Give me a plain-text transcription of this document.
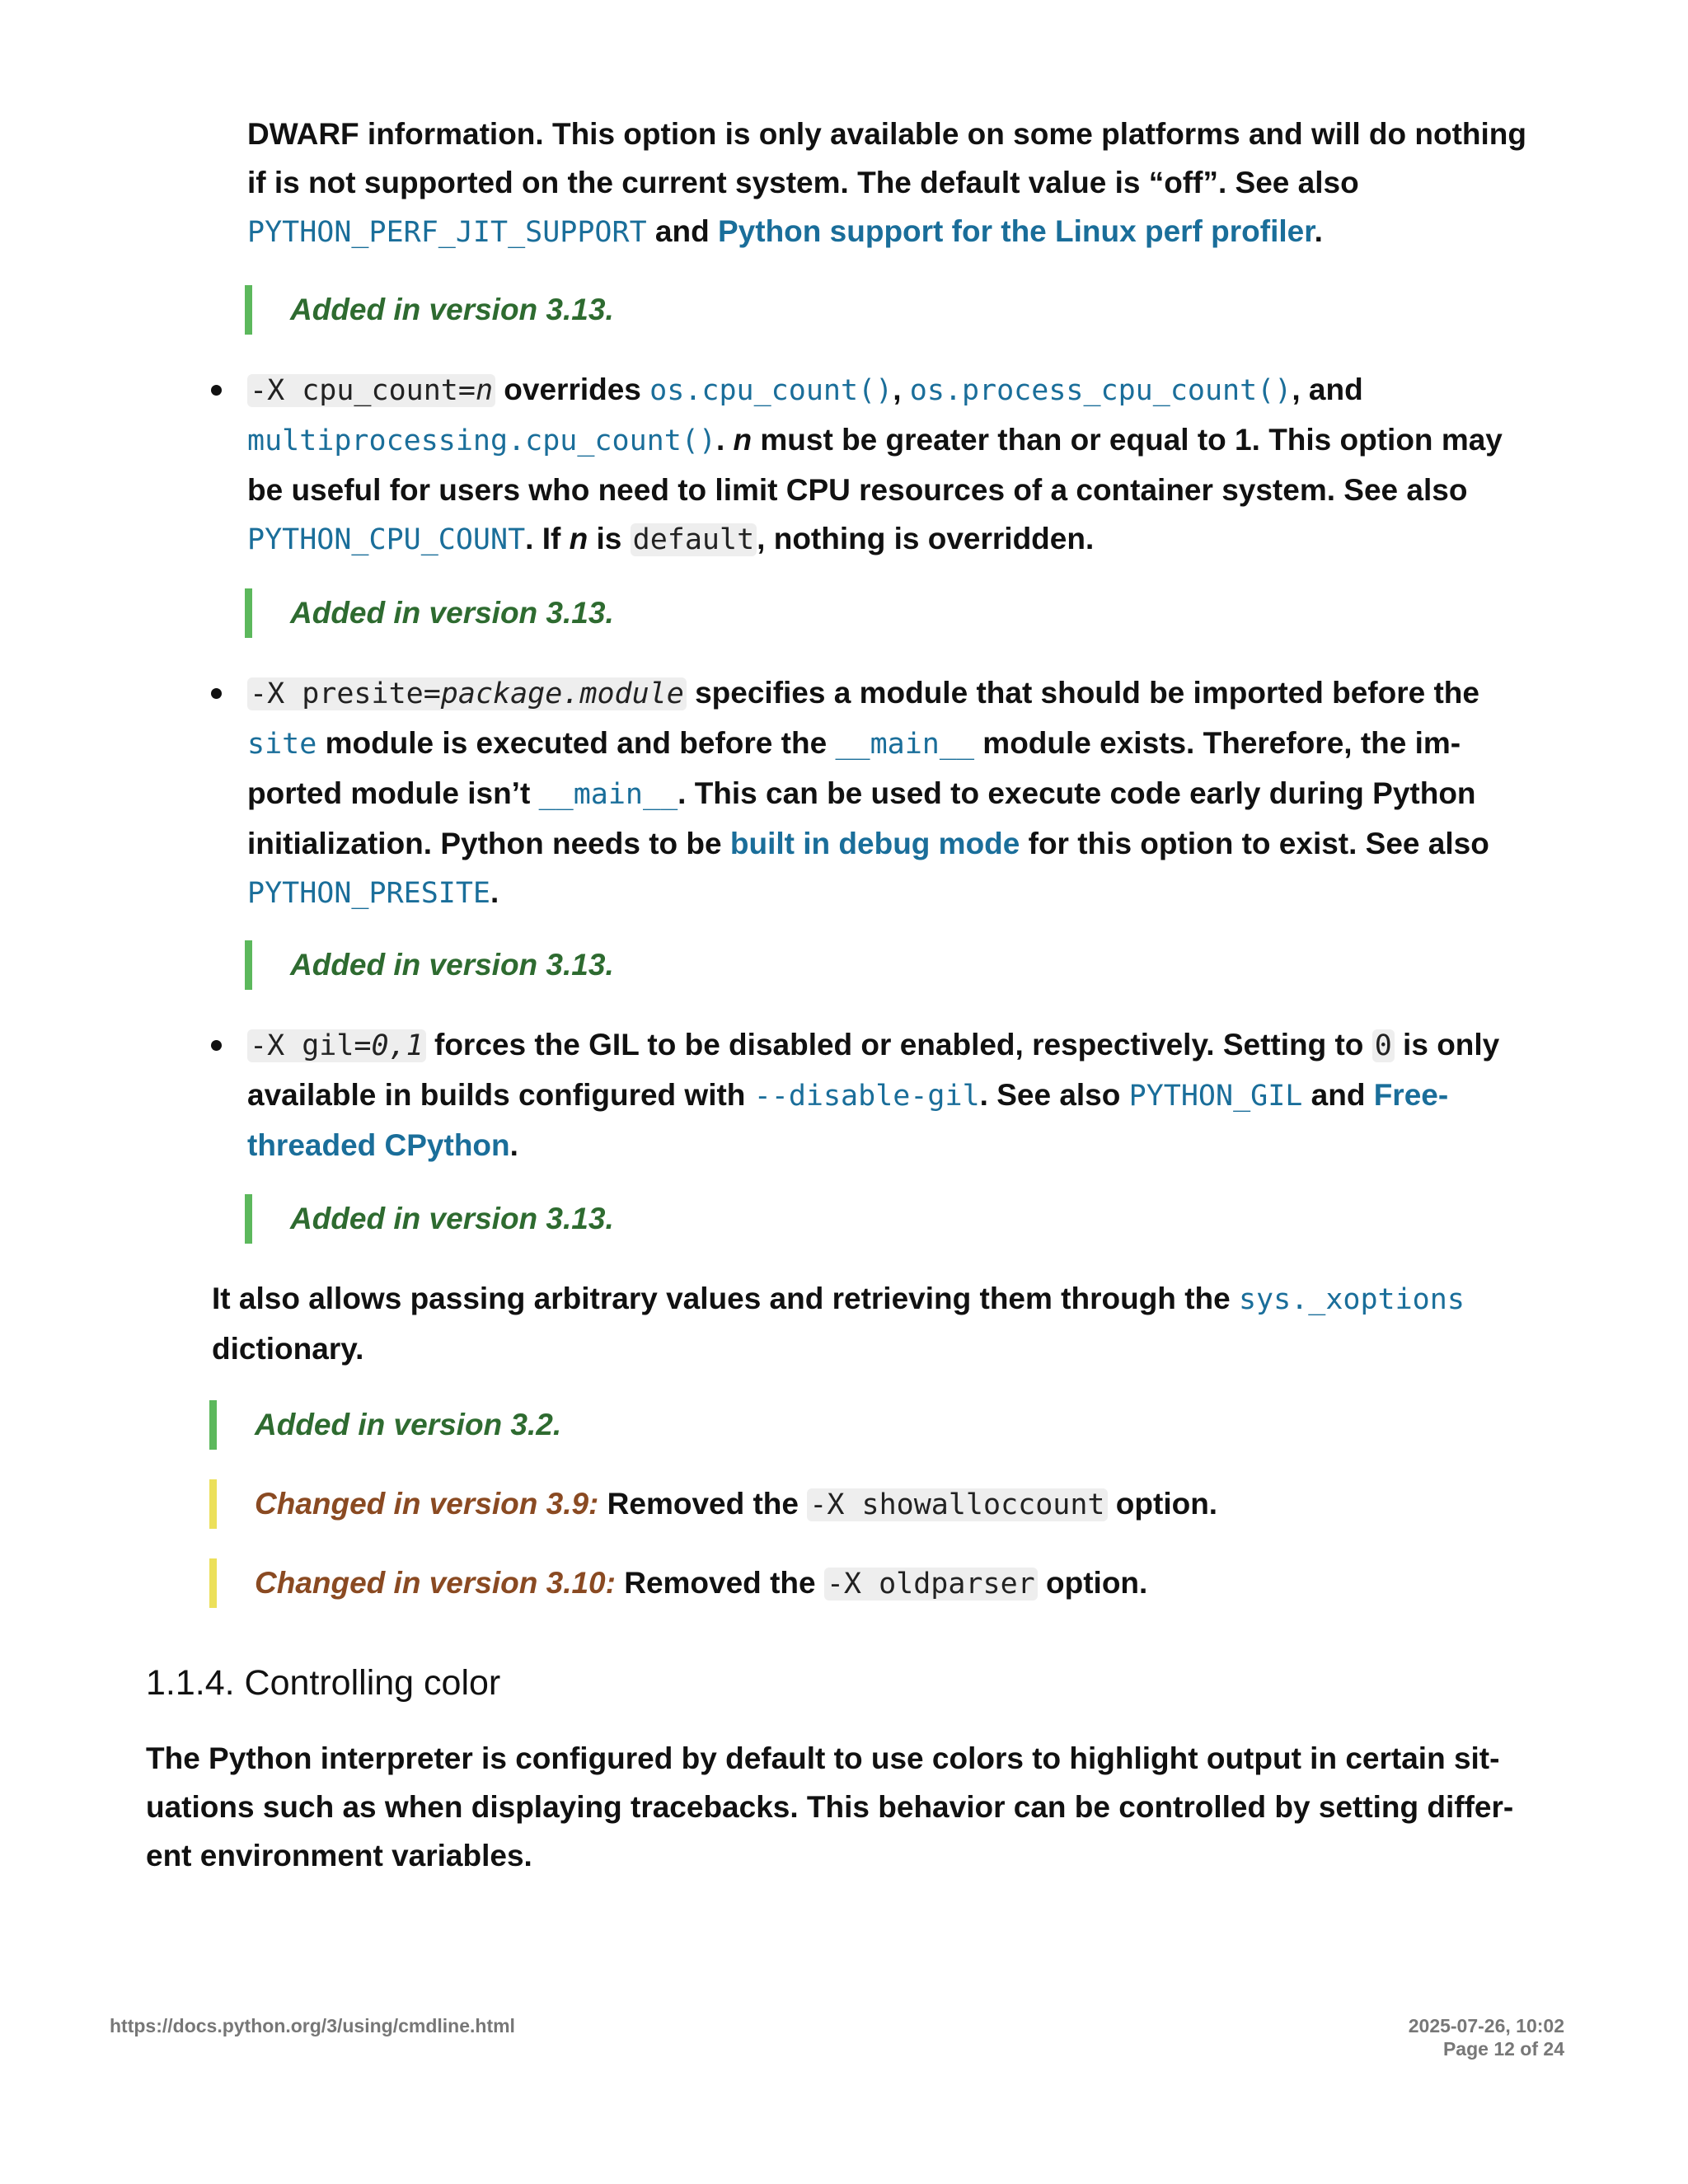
DWARF information. This option is only available on some platforms and will do nothing
if is not supported on the current system. The default value is “off”. See also
PYTHON_PERF_JIT_SUPPORT and Python support for the Linux perf profiler.

Added in version 3.13.

-X cpu_count=n overrides os.cpu_count(), os.process_cpu_count(), and
multiprocessing.cpu_count(). n must be greater than or equal to 1. This option may be useful for users who need to limit CPU resources of a container system. See also PYTHON_CPU_COUNT. If n is default, nothing is overridden.

Added in version 3.13.

-X presite=package.module specifies a module that should be imported before the
site module is executed and before the __main__ module exists. Therefore, the im-
ported module isn’t __main__. This can be used to execute code early during Python
initialization. Python needs to be built in debug mode for this option to exist. See also
PYTHON_PRESITE.

Added in version 3.13.

-X gil=0,1 forces the GIL to be disabled or enabled, respectively. Setting to 0 is only
available in builds configured with --disable-gil. See also PYTHON_GIL and Free-
threaded CPython.

Added in version 3.13.

It also allows passing arbitrary values and retrieving them through the sys._xoptions
dictionary.

Added in version 3.2.
Changed in version 3.9: Removed the -X showalloccount option.
Changed in version 3.10: Removed the -X oldparser option.
1.1.4. Controlling color

The Python interpreter is configured by default to use colors to highlight output in certain sit-
uations such as when displaying tracebacks. This behavior can be controlled by setting differ-
ent environment variables.

https://docs.python.org/3/using/cmdline.html	2025-07-26, 10:02
Page 12 of 24
